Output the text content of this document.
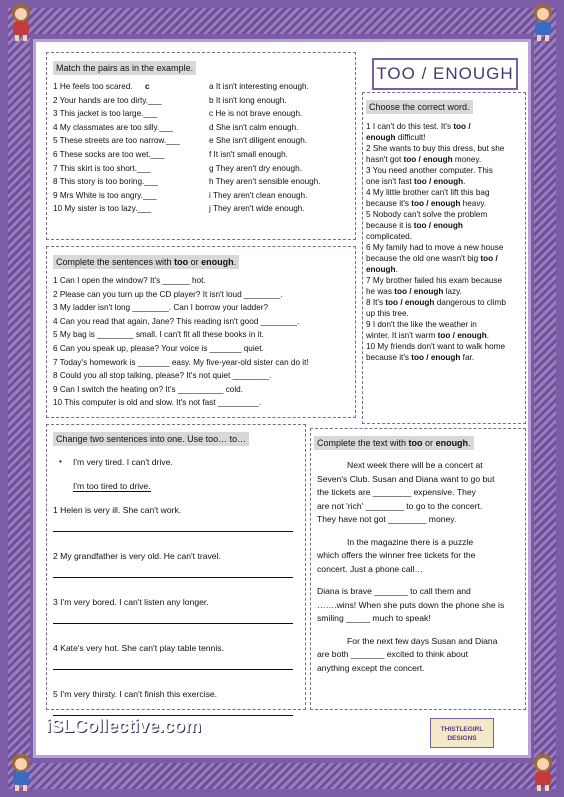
TOO / ENOUGH
Match the pairs as in the example.
1 He feels too scared.	a It isn't interesting enough.
2 Your hands are too dirty.___	b It isn't long enough.
3 This jacket is too large.___	c He is not brave enough.
4 My classmates are too silly.___	d She isn't calm enough.
5 These streets are too narrow.___	e She isn't diligent enough.
6 These socks are too wet.___	f It isn't small enough.
7 This skirt is too short.___	g They aren't dry enough.
8 This story is too boring.___	h They aren't sensible enough.
9 Mrs White is too angry.___	i They aren't clean enough.
10 My sister is too lazy.___	j They aren't wide enough.
c
Choose the correct word.
1 I can't do this test. It's too /
enough difficult!
2 She wants to buy this dress, but she
hasn't got too / enough money.
3 You need another computer. This
one isn't fast too / enough.
4 My little brother can't lift this bag
because it's too / enough heavy.
5 Nobody can't solve the problem
because it is too / enough
complicated.
6 My family had to move a new house
because the old one wasn't big too /
enough.
7 My brother failed his exam because
he was too / enough lazy.
8 It's too / enough dangerous to climb
up this tree.
9 I don't the like the weather in
winter. It isn't warm too / enough.
10 My friends don't want to walk home
because it's too / enough far.
Complete the sentences with too or enough.
1 Can I open the window? It's ______ hot.
2 Please can you turn up the CD player? It isn't loud ________.
3 My ladder isn't long ________. Can I borrow your ladder?
4 Can you read that again, Jane? This reading isn't good ________.
5 My bag is ________ small. I can't fit all these books in it.
6 Can you speak up, please? Your voice is _______ quiet.
7 Today's homework is _______ easy. My five-year-old sister can do it!
8 Could you all stop talking, please? It's not quiet ________.
9 Can I switch the heating on? It's __________ cold.
10 This computer is old and slow. It's not fast _________.
Change two sentences into one. Use too… to…
• I'm very tired. I can't drive.
I'm too tired to drive.
1 Helen is very ill. She can't work.
2 My grandfather is very old. He can't travel.
3 I'm very bored. I can't listen any longer.
4 Kate's very hot. She can't play table tennis.
5 I'm very thirsty. I can't finish this exercise.
Complete the text with too or enough.
Next week there will be a concert at
Seven's Club. Susan and Diana want to go but
the tickets are ________ expensive. They
are not 'rich' ________ to go to the concert.
They have not got ________ money.
In the magazine there is a puzzle
which offers the winner free tickets for the
concert. Just a phone call…
Diana is brave _______ to call them and
…….wins! When she puts down the phone she is
smiling _____ much to speak!
For the next few days Susan and Diana
are both _______ excited to think about
anything except the concert.
iSLCollective.com	THISTLEGIRL DESIGNS
